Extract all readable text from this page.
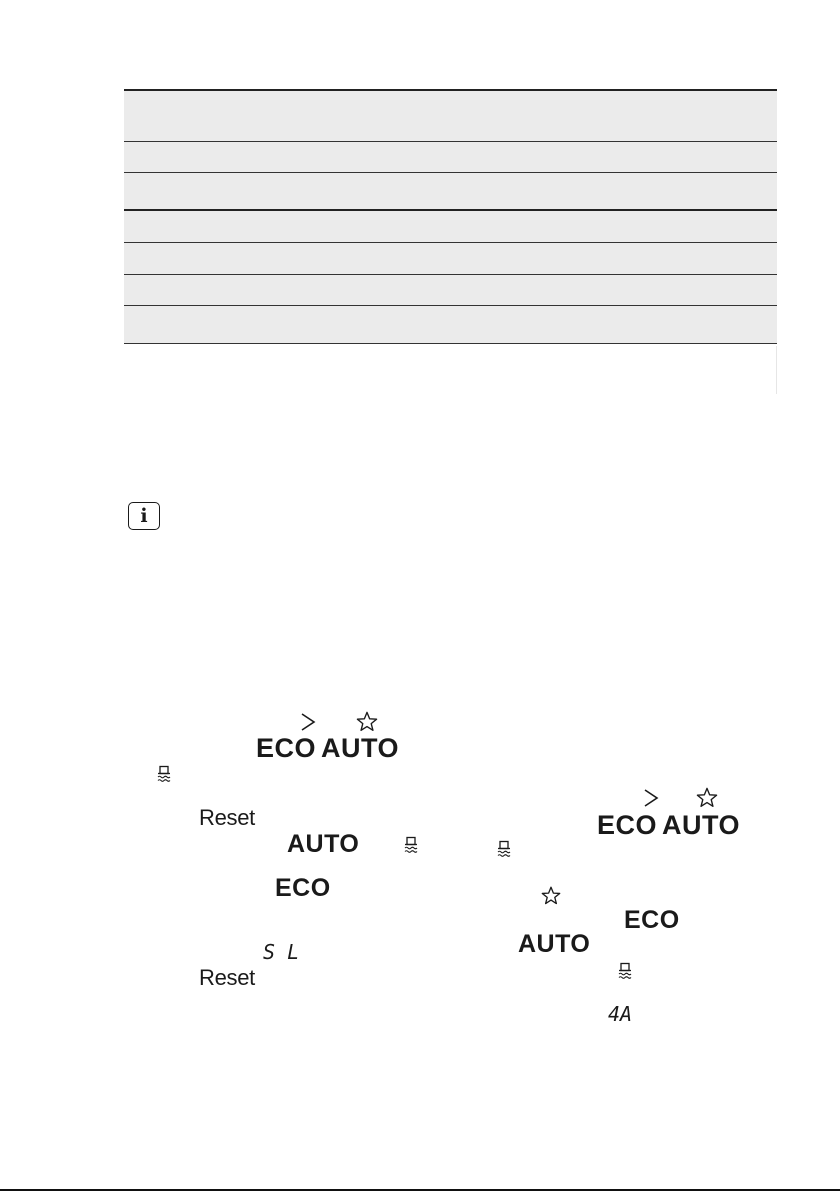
i
ECO AUTO
Reset	ECO AUTO
AUTO
ECO
ECO
S L	AUTO
Reset
4A
